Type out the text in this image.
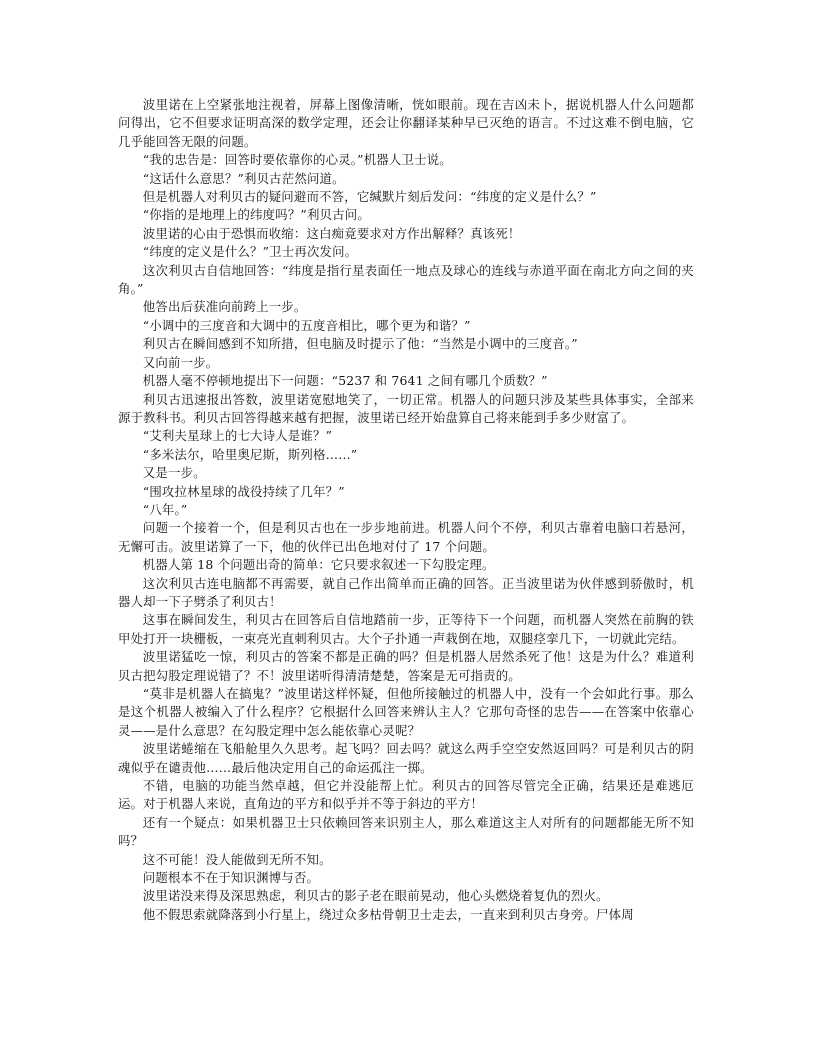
波里诺在上空紧张地注视着，屏幕上图像清晰，恍如眼前。现在吉凶未卜，据说机器人什么问题都问得出，它不但要求证明高深的数学定理，还会让你翻译某种早已灭绝的语言。不过这难不倒电脑，它几乎能回答无限的问题。

“我的忠告是：回答时要依靠你的心灵。”机器人卫士说。

“这话什么意思？”利贝古茫然问道。

但是机器人对利贝古的疑问避而不答，它缄默片刻后发问：“纬度的定义是什么？”

“你指的是地理上的纬度吗？”利贝古问。

波里诺的心由于恐惧而收缩：这白痴竟要求对方作出解释？真该死！

“纬度的定义是什么？”卫士再次发问。

这次利贝古自信地回答：“纬度是指行星表面任一地点及球心的连线与赤道平面在南北方向之间的夹角。”

他答出后获准向前跨上一步。

“小调中的三度音和大调中的五度音相比，哪个更为和谐？”

利贝古在瞬间感到不知所措，但电脑及时提示了他：“当然是小调中的三度音。”

又向前一步。

机器人毫不停顿地提出下一问题：“5237 和 7641 之间有哪几个质数？”

利贝古迅速报出答数，波里诺宽慰地笑了，一切正常。机器人的问题只涉及某些具体事实，全部来源于教科书。利贝古回答得越来越有把握，波里诺已经开始盘算自己将来能到手多少财富了。

“艾利夫星球上的七大诗人是谁？”

“多米法尔，哈里奥尼斯，斯列格……”

又是一步。

“围攻拉林星球的战役持续了几年？”

“八年。”

问题一个接着一个，但是利贝古也在一步步地前进。机器人问个不停，利贝古靠着电脑口若悬河，无懈可击。波里诺算了一下，他的伙伴已出色地对付了 17 个问题。

机器人第 18 个问题出奇的简单：它只要求叙述一下勾股定理。

这次利贝古连电脑都不再需要，就自己作出简单而正确的回答。正当波里诺为伙伴感到骄傲时，机器人却一下子劈杀了利贝古！

这事在瞬间发生，利贝古在回答后自信地踏前一步，正等待下一个问题，而机器人突然在前胸的铁甲处打开一块栅板，一束亮光直刺利贝古。大个子扑通一声栽倒在地，双腿痉挛几下，一切就此完结。

波里诺猛吃一惊，利贝古的答案不都是正确的吗？但是机器人居然杀死了他！这是为什么？难道利贝古把勾股定理说错了？不！波里诺听得清清楚楚，答案是无可指责的。

“莫非是机器人在搞鬼？”波里诺这样怀疑，但他所接触过的机器人中，没有一个会如此行事。那么是这个机器人被编入了什么程序？它根据什么回答来辨认主人？它那句奇怪的忠告——在答案中依靠心灵——是什么意思？在勾股定理中怎么能依靠心灵呢？

波里诺蜷缩在飞船舱里久久思考。起飞吗？回去吗？就这么两手空空安然返回吗？可是利贝古的阴魂似乎在谴责他……最后他决定用自己的命运孤注一掷。

不错，电脑的功能当然卓越，但它并没能帮上忙。利贝古的回答尽管完全正确，结果还是难逃厄运。对于机器人来说，直角边的平方和似乎并不等于斜边的平方！

还有一个疑点：如果机器卫士只依赖回答来识别主人，那么难道这主人对所有的问题都能无所不知吗？

这不可能！没人能做到无所不知。

问题根本不在于知识渊博与否。

波里诺没来得及深思熟虑，利贝古的影子老在眼前晃动，他心头燃烧着复仇的烈火。

他不假思索就降落到小行星上，绕过众多枯骨朝卫士走去，一直来到利贝古身旁。尸体周
